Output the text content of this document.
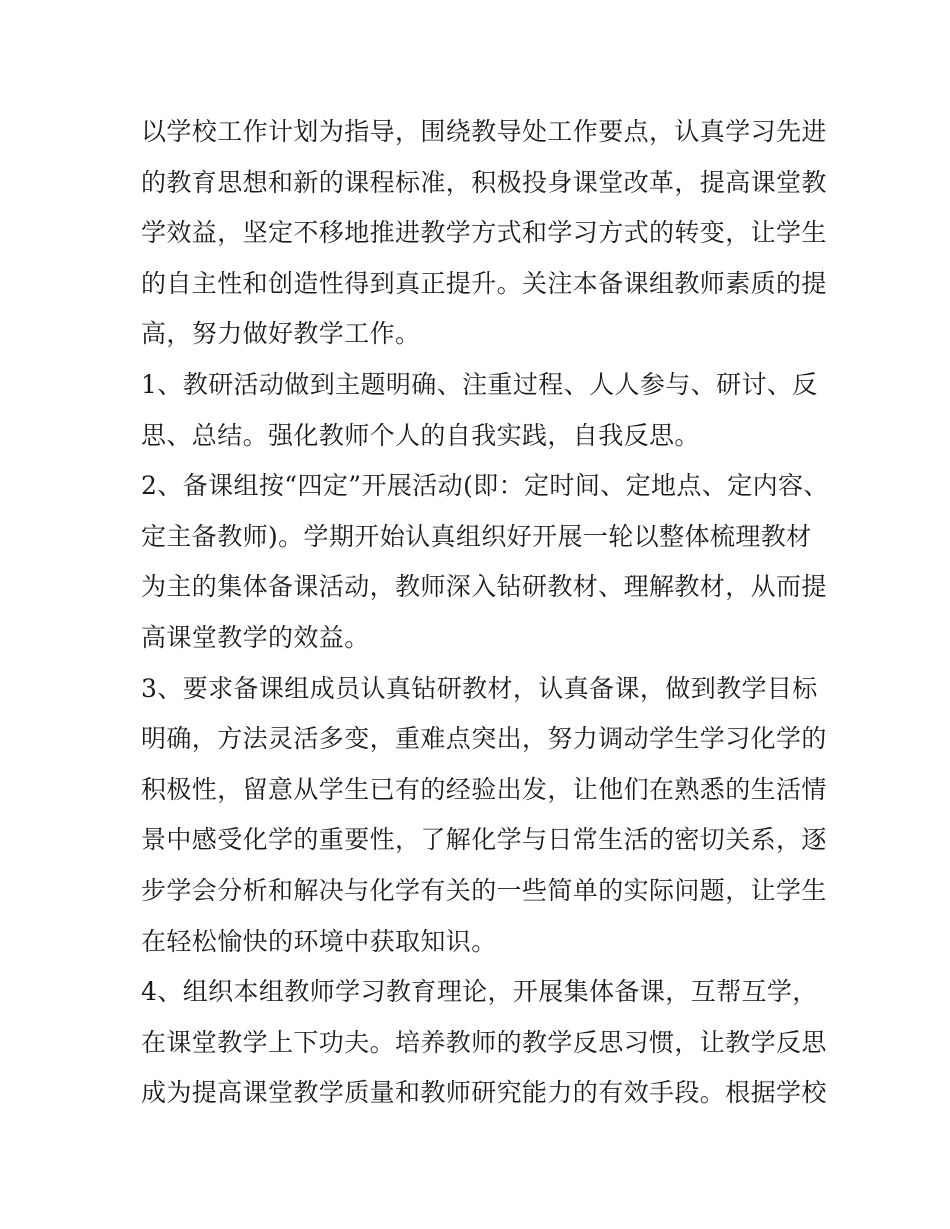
以学校工作计划为指导，围绕教导处工作要点，认真学习先进
的教育思想和新的课程标准，积极投身课堂改革，提高课堂教
学效益，坚定不移地推进教学方式和学习方式的转变，让学生
的自主性和创造性得到真正提升。关注本备课组教师素质的提
高，努力做好教学工作。
1、教研活动做到主题明确、注重过程、人人参与、研讨、反
思、总结。强化教师个人的自我实践，自我反思。
2、备课组按“四定”开展活动(即：定时间、定地点、定内容、
定主备教师)。学期开始认真组织好开展一轮以整体梳理教材
为主的集体备课活动，教师深入钻研教材、理解教材，从而提
高课堂教学的效益。
3、要求备课组成员认真钻研教材，认真备课，做到教学目标
明确，方法灵活多变，重难点突出，努力调动学生学习化学的
积极性，留意从学生已有的经验出发，让他们在熟悉的生活情
景中感受化学的重要性，了解化学与日常生活的密切关系，逐
步学会分析和解决与化学有关的一些简单的实际问题，让学生
在轻松愉快的环境中获取知识。
4、组织本组教师学习教育理论，开展集体备课，互帮互学，
在课堂教学上下功夫。培养教师的教学反思习惯，让教学反思
成为提高课堂教学质量和教师研究能力的有效手段。根据学校
